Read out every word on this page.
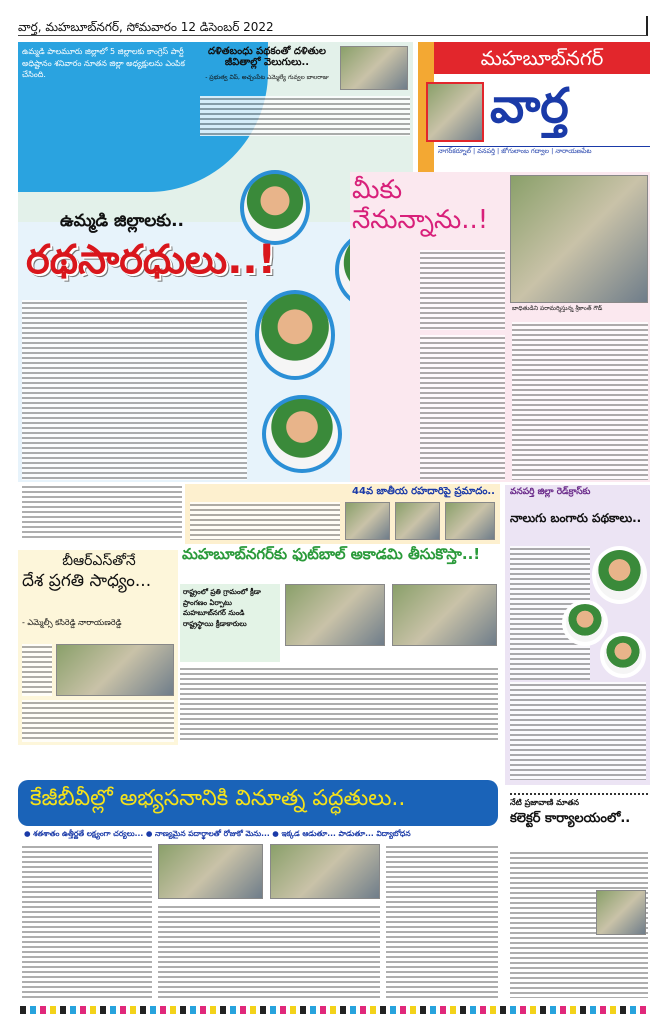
వార్త, మహబూబ్‌నగర్, సోమవారం 12 డిసెంబర్ 2022
ఉమ్మడి పాలమూరు జిల్లాలో 5 జిల్లాలకు కాంగ్రెస్ పార్టీ అధిష్టానం శనివారం నూతన జిల్లా అధ్యక్షులను ఎంపిక చేసింది.
దళితబంధు పథకంతో దళితుల జీవితాల్లో వెలుగులు..
- ప్రభుత్వ విప్, అచ్చంపేట ఎమ్మెల్యే గువ్వల బాలరాజు
మహబూబ్‌నగర్
వార్త
నాగర్‌కర్నూల్ | వనపర్తి | జోగులాంబ గద్వాల | నారాయణపేట
ఉమ్మడి జిల్లాలకు..
రథసారధులు..!
మీకు నేనున్నాను..!
బాధితుడిని పరామర్శిస్తున్న శ్రీకాంత్ గౌడ్
44వ జాతీయ రహదారిపై ప్రమాదం.. వనపర్తి జిల్లా రెడ్‌క్రాస్‌కు
నాలుగు బంగారు పథకాలు..
బీఆర్ఎస్‌తోనే
దేశ ప్రగతి సాధ్యం...
- ఎమ్మెల్సీ కసిరెడ్డి నారాయణరెడ్డి
మహబూబ్‌నగర్‌కు ఫుట్‌బాల్ అకాడమి తీసుకొస్తా..!
రాష్ట్రంలో ప్రతి గ్రామంలో క్రీడా ప్రాంగణం ఏర్పాటు
మహబూబ్‌నగర్ నుండి రాష్ట్రస్థాయి క్రీడాకారులు
కేజీబీవీల్లో అభ్యసనానికి వినూత్న పద్ధతులు..
● శతశాతం ఉత్తీర్ణతే లక్ష్యంగా చర్యలు... ● నాణ్యమైన పదార్థాలతో రోజుకో మెను... ● ఇక్కడ ఆడుతూ... పాడుతూ... విద్యాబోధన
నేటి ప్రజావాణి మాతన
కలెక్టర్ కార్యాలయంలో..
